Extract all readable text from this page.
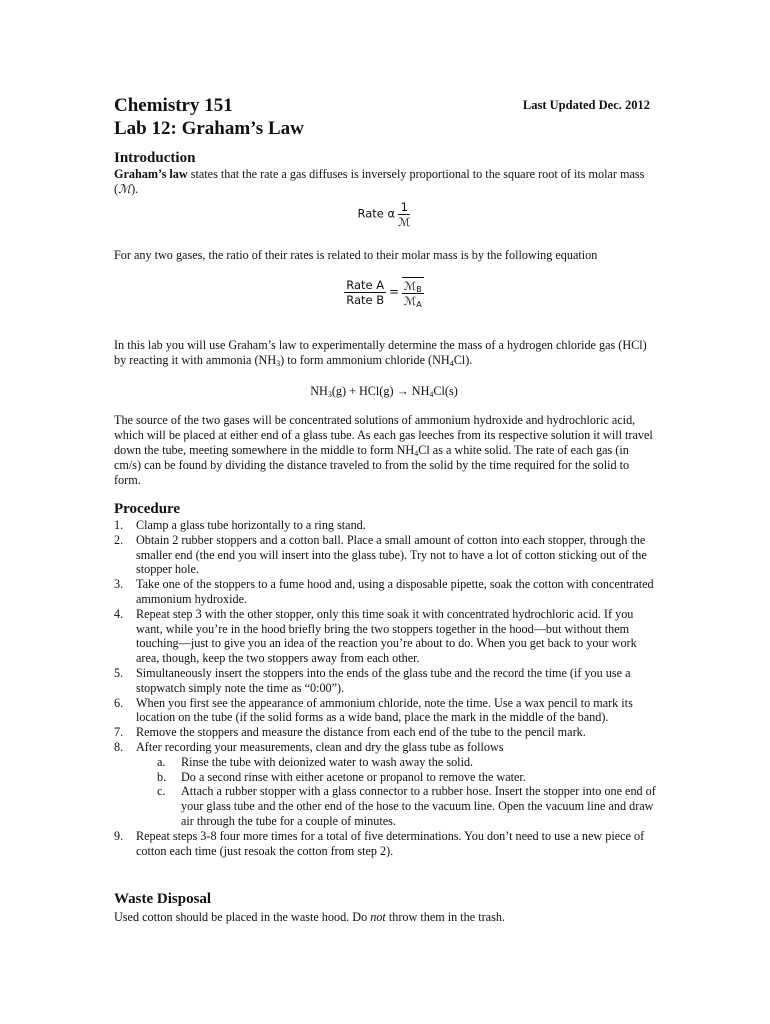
Chemistry 151
Lab 12: Graham’s Law
Last Updated Dec. 2012
Introduction
Graham’s law states that the rate a gas diffuses is inversely proportional to the square root of its molar mass (ℳ).
Rate α $\frac{1}{\text{ℳ}}$
For any two gases, the ratio of their rates is related to their molar mass is by the following equation
$\frac{\text{Rate A}}{\text{Rate B}} = \frac{ℳ_B}{ℳ_A}$
In this lab you will use Graham’s law to experimentally determine the mass of a hydrogen chloride gas (HCl) by reacting it with ammonia $(NH_3)$ to form ammonium chloride $(NH_4Cl)$.
$NH_3(g) + HCl(g) \to NH_4Cl(s)$
The source of the two gases will be concentrated solutions of ammonium hydroxide and hydrochloric acid, which will be placed at either end of a glass tube. As each gas leeches from its respective solution it will travel down the tube, meeting somewhere in the middle to form $NH_4Cl$ as a white solid. The rate of each gas (in cm/s) can be found by dividing the distance traveled to from the solid by the time required for the solid to form.
Procedure
1. Clamp a glass tube horizontally to a ring stand.
2. Obtain 2 rubber stoppers and a cotton ball. Place a small amount of cotton into each stopper, through the smaller end (the end you will insert into the glass tube). Try not to have a lot of cotton sticking out of the stopper hole.
3. Take one of the stoppers to a fume hood and, using a disposable pipette, soak the cotton with concentrated ammonium hydroxide.
4. Repeat step 3 with the other stopper, only this time soak it with concentrated hydrochloric acid. If you want, while you’re in the hood briefly bring the two stoppers together in the hood—but without them touching—just to give you an idea of the reaction you’re about to do. When you get back to your work area, though, keep the two stoppers away from each other.
5. Simultaneously insert the stoppers into the ends of the glass tube and the record the time (if you use a stopwatch simply note the time as “0:00”).
6. When you first see the appearance of ammonium chloride, note the time. Use a wax pencil to mark its location on the tube (if the solid forms as a wide band, place the mark in the middle of the band).
7. Remove the stoppers and measure the distance from each end of the tube to the pencil mark.
8. After recording your measurements, clean and dry the glass tube as follows
a. Rinse the tube with deionized water to wash away the solid.
b. Do a second rinse with either acetone or propanol to remove the water.
c. Attach a rubber stopper with a glass connector to a rubber hose. Insert the stopper into one end of your glass tube and the other end of the hose to the vacuum line. Open the vacuum line and draw air through the tube for a couple of minutes.
9. Repeat steps 3-8 four more times for a total of five determinations. You don’t need to use a new piece of cotton each time (just resoak the cotton from step 2).
Waste Disposal
Used cotton should be placed in the waste hood. Do not throw them in the trash.
